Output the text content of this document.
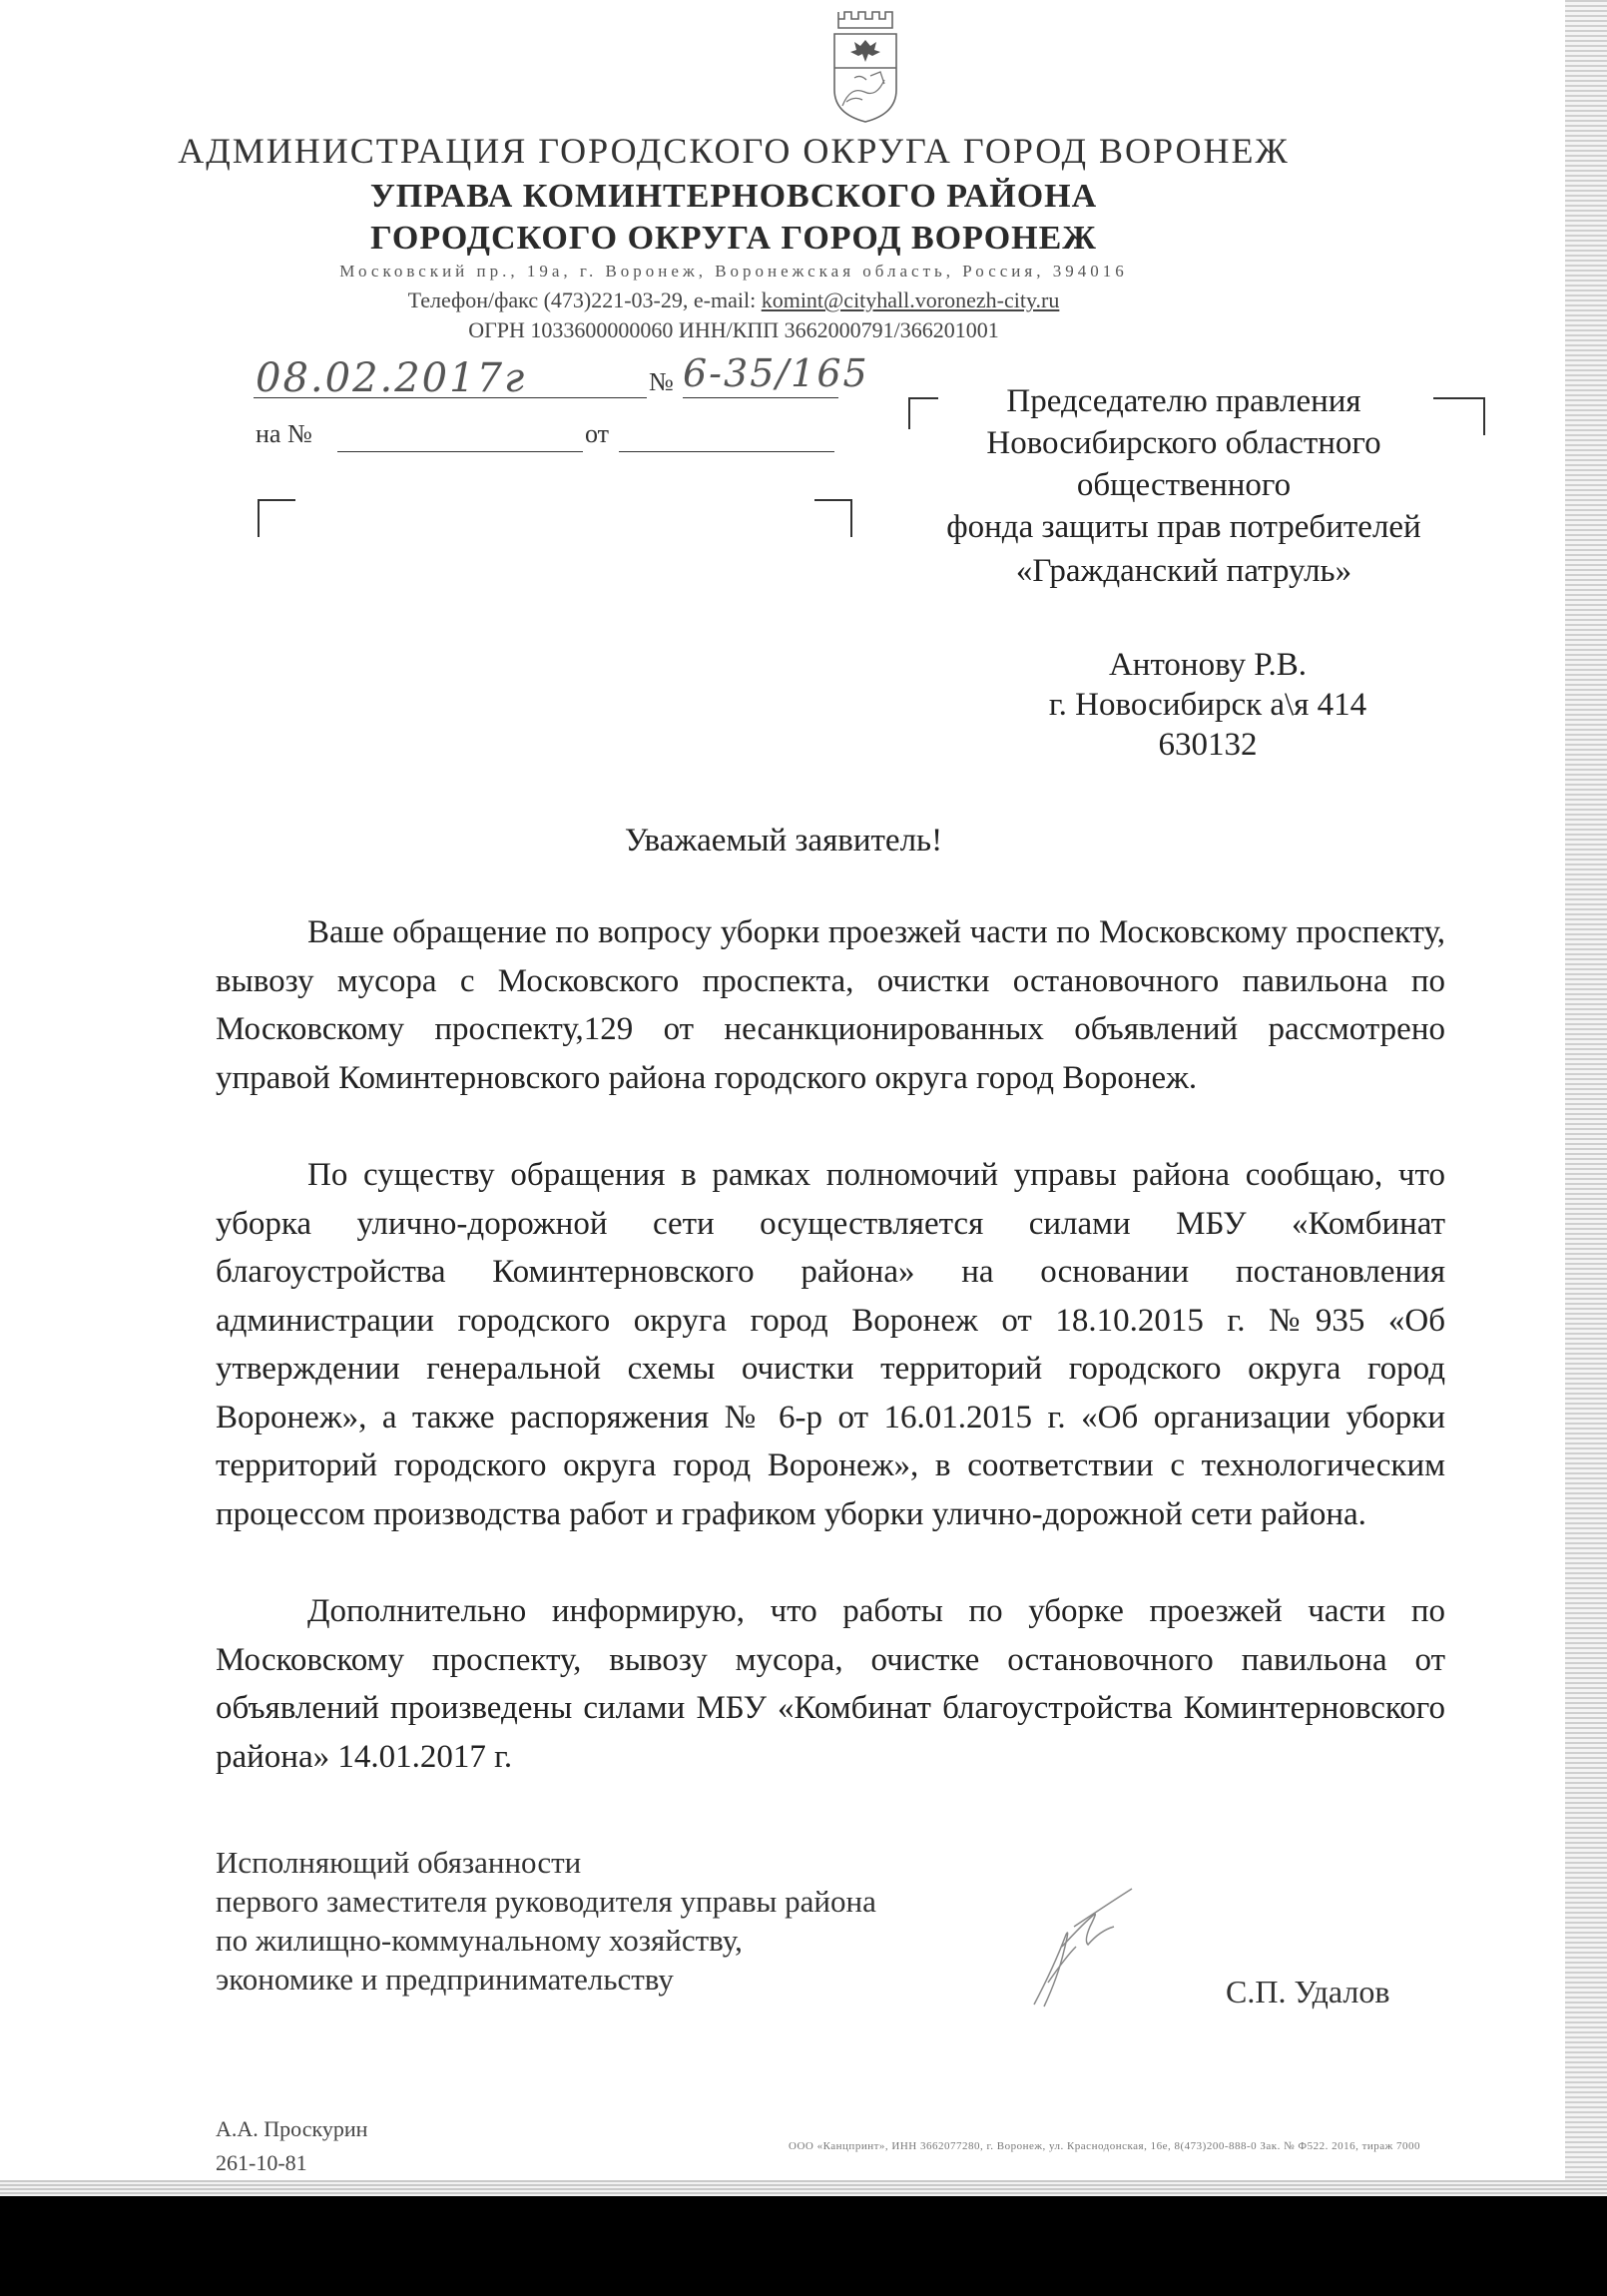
АДМИНИСТРАЦИЯ ГОРОДСКОГО ОКРУГА ГОРОД ВОРОНЕЖ
УПРАВА КОМИНТЕРНОВСКОГО РАЙОНА
ГОРОДСКОГО ОКРУГА ГОРОД ВОРОНЕЖ
Московский пр., 19а, г. Воронеж, Воронежская область, Россия, 394016
Телефон/факс (473)221-03-29, e-mail: komint@cityhall.voronezh-city.ru
ОГРН 1033600000060 ИНН/КПП 3662000791/366201001
08.02.2017г	№ 6-35/165
на №	от
Председателю правления
Новосибирского областного
общественного
фонда защиты прав потребителей
«Гражданский патруль»
Антонову Р.В.
г. Новосибирск а\я 414
630132
Уважаемый заявитель!

Ваше обращение по вопросу уборки проезжей части по Московскому проспекту, вывозу мусора с Московского проспекта, очистки остановочного павильона по Московскому проспекту,129 от несанкционированных объявлений рассмотрено управой Коминтерновского района городского округа город Воронеж.

По существу обращения в рамках полномочий управы района сообщаю, что уборка улично-дорожной сети осуществляется силами МБУ «Комбинат благоустройства Коминтерновского района» на основании постановления администрации городского округа город Воронеж от 18.10.2015 г. №935 «Об утверждении генеральной схемы очистки территорий городского округа город Воронеж», а также распоряжения № 6-р от 16.01.2015 г. «Об организации уборки территорий городского округа город Воронеж», в соответствии с технологическим процессом производства работ и графиком уборки улично-дорожной сети района.

Дополнительно информирую, что работы по уборке проезжей части по Московскому проспекту, вывозу мусора, очистке остановочного павильона от объявлений произведены силами МБУ «Комбинат благоустройства Коминтерновского района» 14.01.2017 г.

Исполняющий обязанности
первого заместителя руководителя управы района
по жилищно-коммунальному хозяйству,
экономике и предпринимательству	С.П. Удалов
А.А. Проскурин
261-10-81
ООО «Канцпринт», ИНН 3662077280, г. Воронеж, ул. Краснодонская, 16е, 8(473)200-888-0 Зак. № Ф522. 2016, тираж 7000
